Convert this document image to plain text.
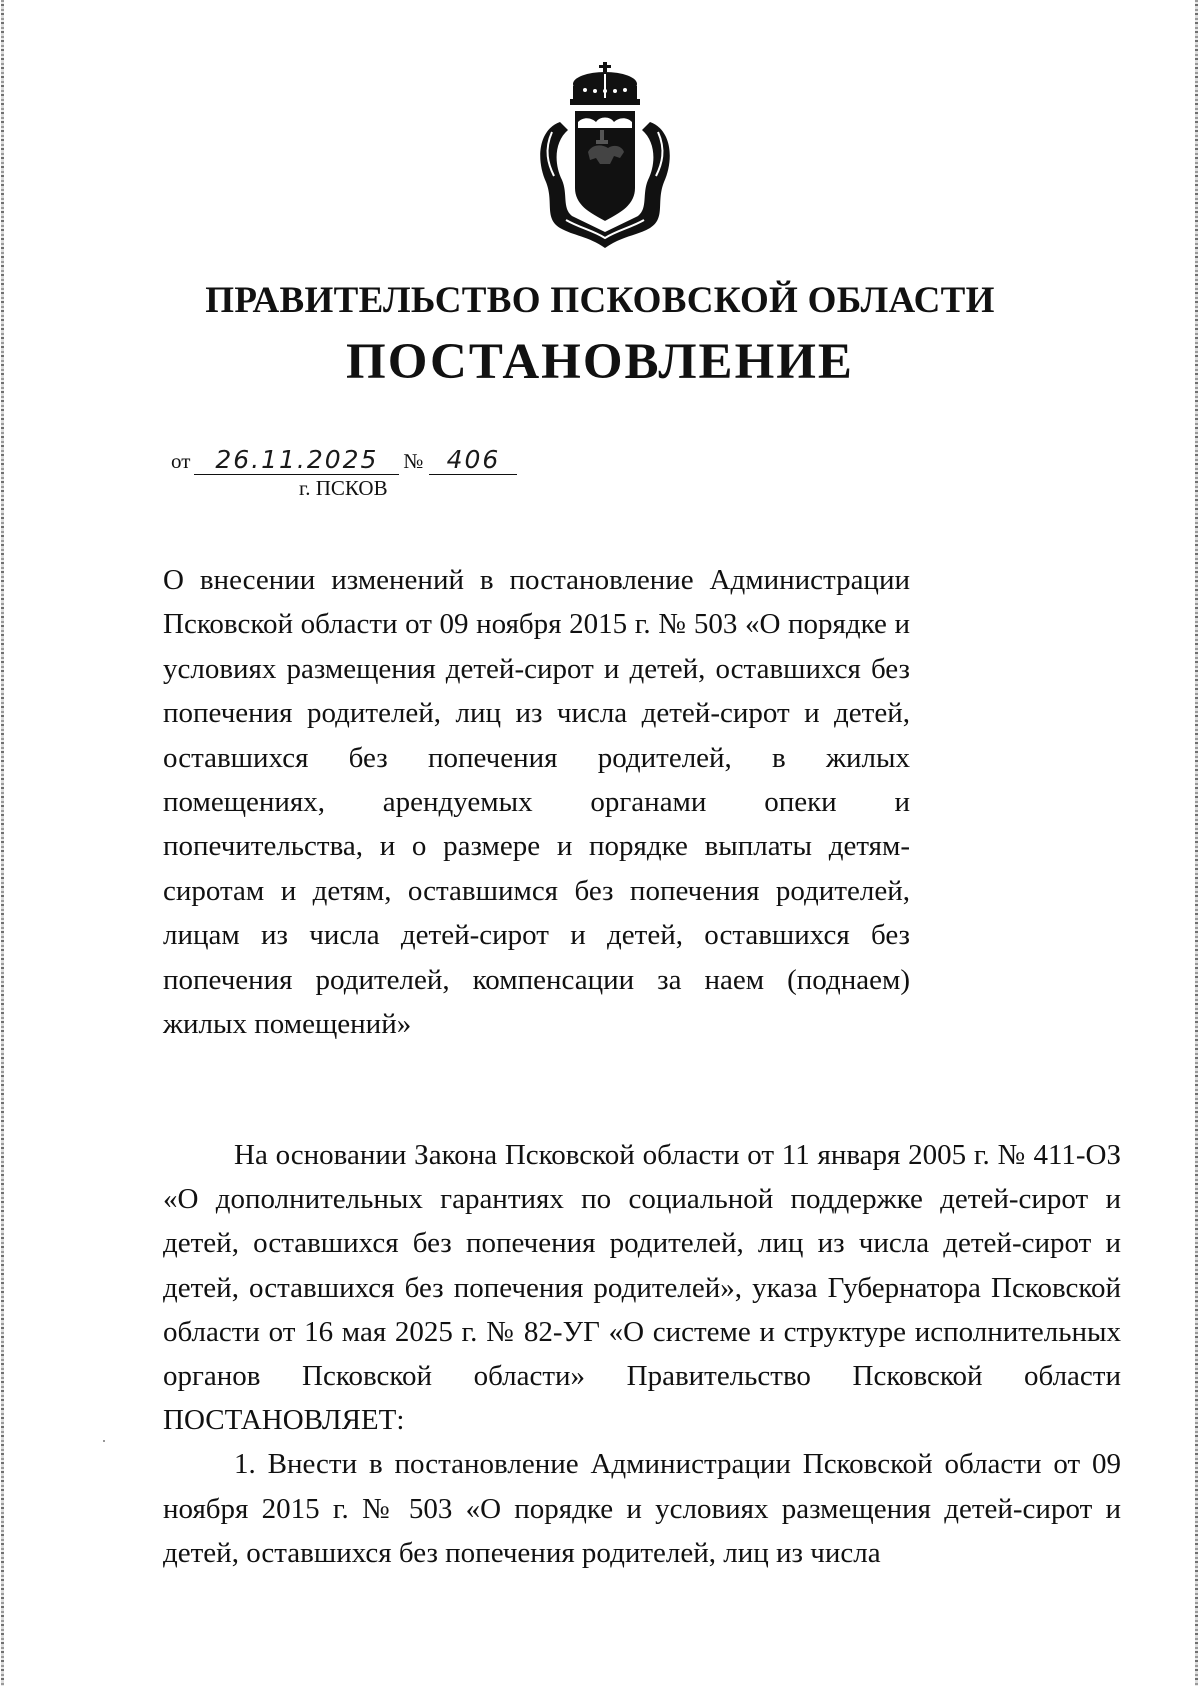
ПРАВИТЕЛЬСТВО ПСКОВСКОЙ ОБЛАСТИ
ПОСТАНОВЛЕНИЕ
от 26.11.2025 № 406
г. ПСКОВ

О внесении изменений в постановление Администрации Псковской области от 09 ноября 2015 г. № 503 «О порядке и условиях размещения детей-сирот и детей, оставшихся без попечения родителей, лиц из числа детей-сирот и детей, оставшихся без попечения родителей, в жилых помещениях, арендуемых органами опеки и попечительства, и о размере и порядке выплаты детям-сиротам и детям, оставшимся без попечения родителей, лицам из числа детей-сирот и детей, оставшихся без попечения родителей, компенсации за наем (поднаем) жилых помещений»

На основании Закона Псковской области от 11 января 2005 г. № 411-ОЗ «О дополнительных гарантиях по социальной поддержке детей-сирот и детей, оставшихся без попечения родителей, лиц из числа детей-сирот и детей, оставшихся без попечения родителей», указа Губернатора Псковской области от 16 мая 2025 г. № 82-УГ «О системе и структуре исполнительных органов Псковской области» Правительство Псковской области ПОСТАНОВЛЯЕТ:

1. Внести в постановление Администрации Псковской области от 09 ноября 2015 г. № 503 «О порядке и условиях размещения детей-сирот и детей, оставшихся без попечения родителей, лиц из числа
